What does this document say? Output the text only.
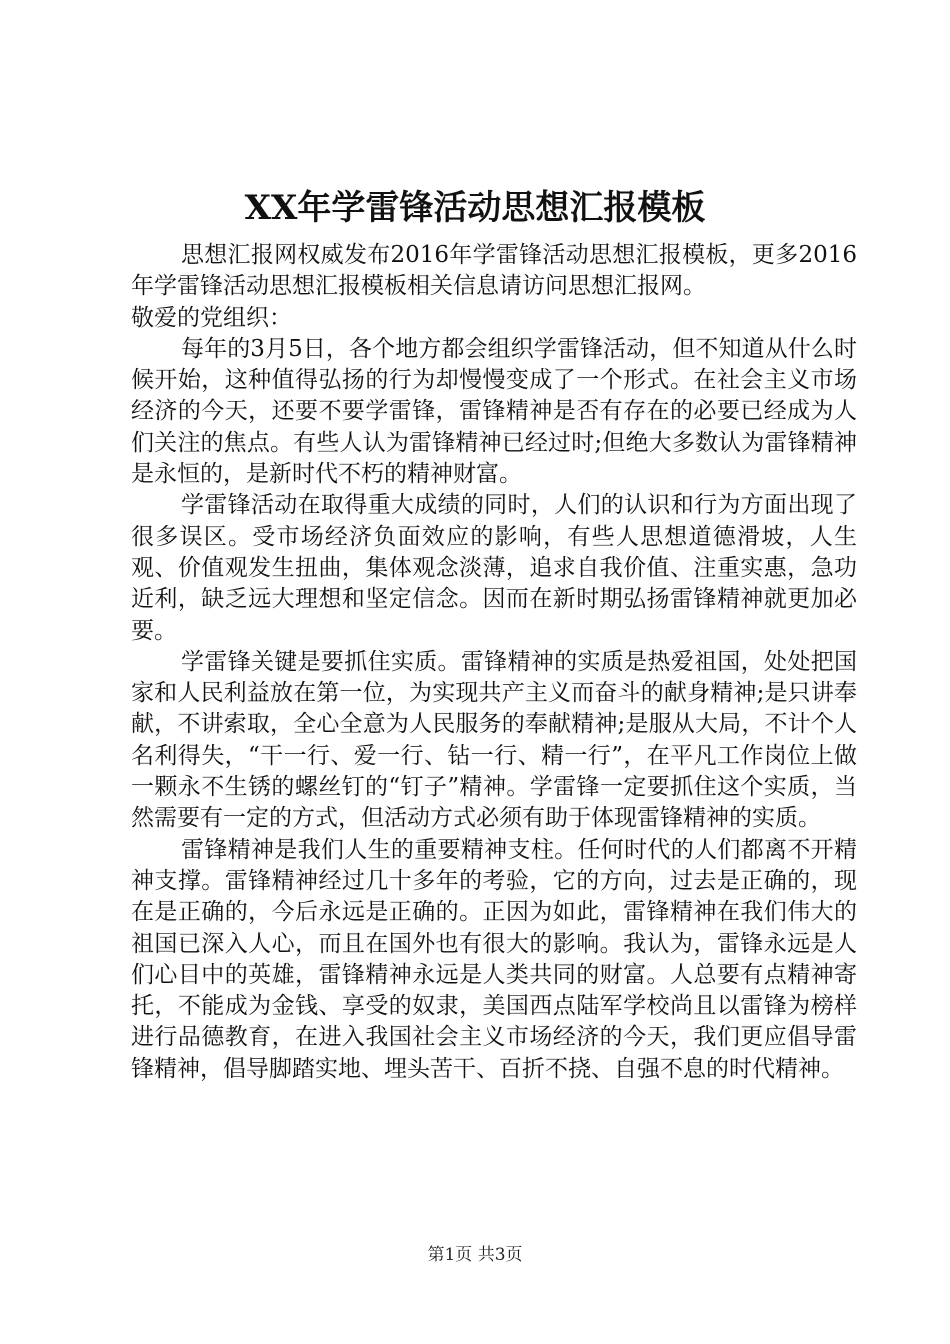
XX年学雷锋活动思想汇报模板

思想汇报网权威发布2016年学雷锋活动思想汇报模板，更多2016年学雷锋活动思想汇报模板相关信息请访问思想汇报网。

敬爱的党组织：

每年的3月5日，各个地方都会组织学雷锋活动，但不知道从什么时候开始，这种值得弘扬的行为却慢慢变成了一个形式。在社会主义市场经济的今天，还要不要学雷锋，雷锋精神是否有存在的必要已经成为人们关注的焦点。有些人认为雷锋精神已经过时;但绝大多数认为雷锋精神是永恒的，是新时代不朽的精神财富。

学雷锋活动在取得重大成绩的同时，人们的认识和行为方面出现了很多误区。受市场经济负面效应的影响，有些人思想道德滑坡，人生观、价值观发生扭曲，集体观念淡薄，追求自我价值、注重实惠，急功近利，缺乏远大理想和坚定信念。因而在新时期弘扬雷锋精神就更加必要。

学雷锋关键是要抓住实质。雷锋精神的实质是热爱祖国，处处把国家和人民利益放在第一位，为实现共产主义而奋斗的献身精神;是只讲奉献，不讲索取，全心全意为人民服务的奉献精神;是服从大局，不计个人名利得失，“干一行、爱一行、钻一行、精一行”，在平凡工作岗位上做一颗永不生锈的螺丝钉的“钉子”精神。学雷锋一定要抓住这个实质，当然需要有一定的方式，但活动方式必须有助于体现雷锋精神的实质。

雷锋精神是我们人生的重要精神支柱。任何时代的人们都离不开精神支撑。雷锋精神经过几十多年的考验，它的方向，过去是正确的，现在是正确的，今后永远是正确的。正因为如此，雷锋精神在我们伟大的祖国已深入人心，而且在国外也有很大的影响。我认为，雷锋永远是人们心目中的英雄，雷锋精神永远是人类共同的财富。人总要有点精神寄托，不能成为金钱、享受的奴隶，美国西点陆军学校尚且以雷锋为榜样进行品德教育，在进入我国社会主义市场经济的今天，我们更应倡导雷锋精神，倡导脚踏实地、埋头苦干、百折不挠、自强不息的时代精神。

第1页 共3页
